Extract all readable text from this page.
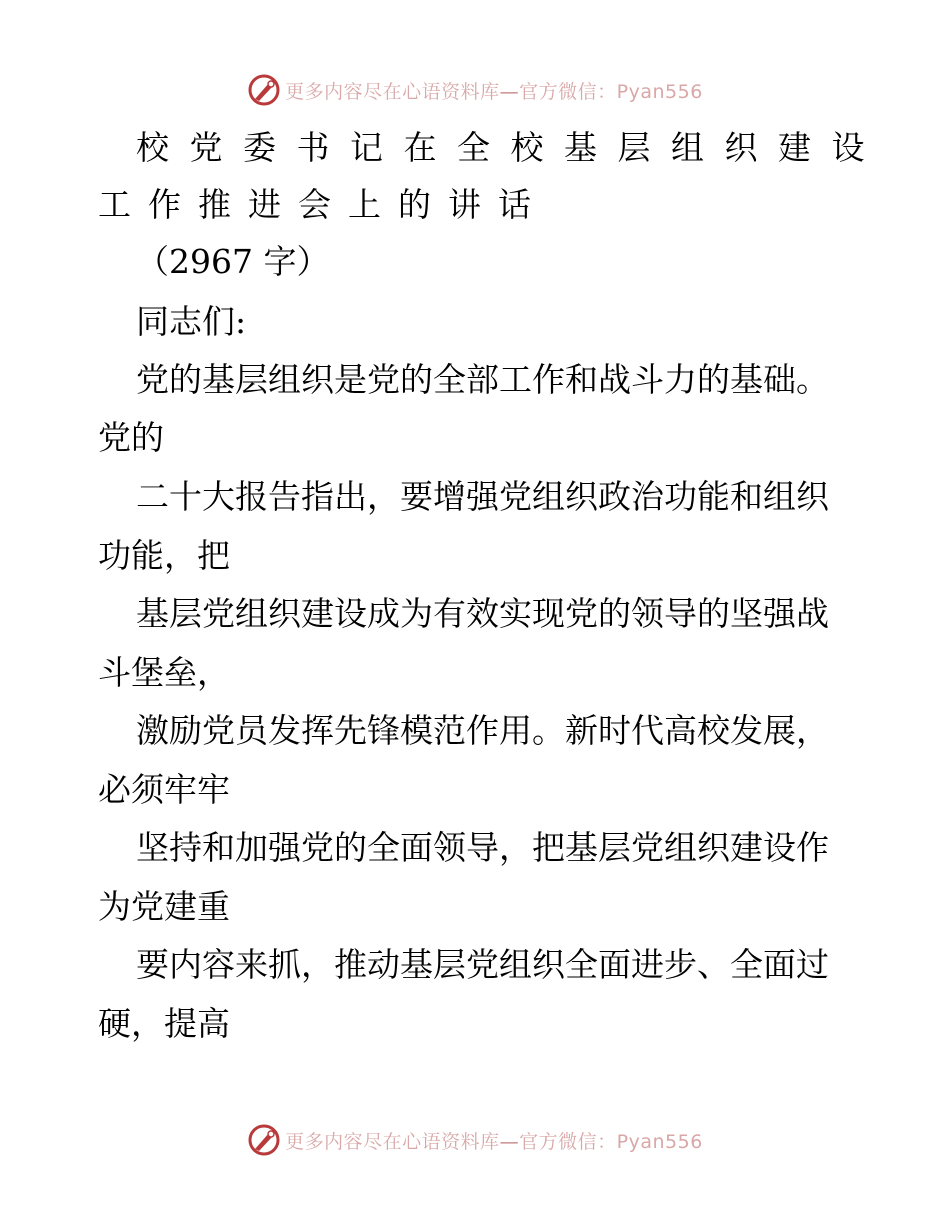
更多内容尽在心语资料库—官方微信：Pyan556
校党委书记在全校基层组织建设
工作推进会上的讲话
（2967 字）
同志们:
党的基层组织是党的全部工作和战斗力的基础。
党的
二十大报告指出，要增强党组织政治功能和组织
功能，把
基层党组织建设成为有效实现党的领导的坚强战
斗堡垒，
激励党员发挥先锋模范作用。新时代高校发展，
必须牢牢
坚持和加强党的全面领导，把基层党组织建设作
为党建重
要内容来抓，推动基层党组织全面进步、全面过
硬，提高
更多内容尽在心语资料库—官方微信：Pyan556
